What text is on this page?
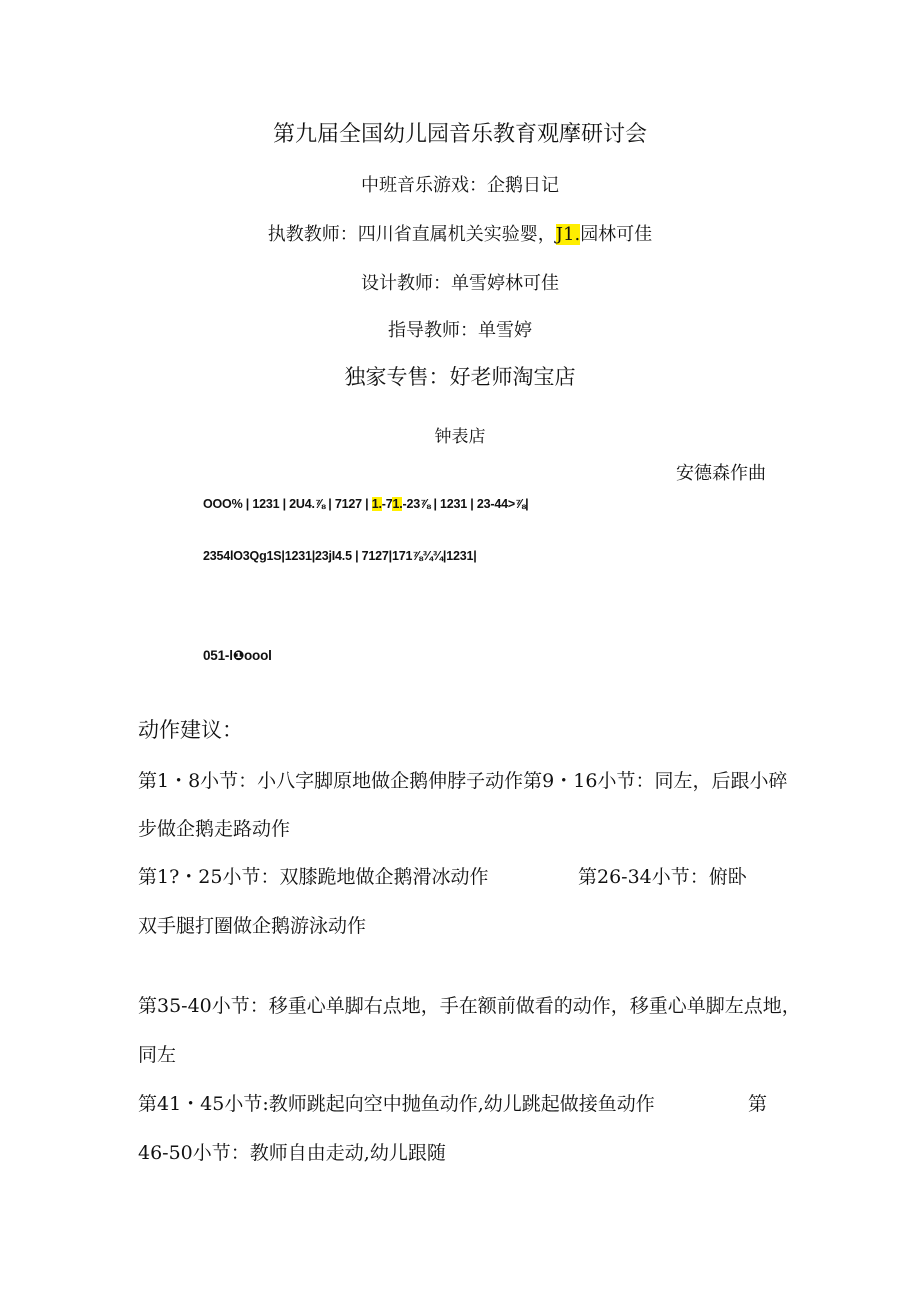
第九届全国幼儿园音乐教育观摩研讨会

中班音乐游戏：企鹅日记

执教教师：四川省直属机关实验婴，J1.园林可佳

设计教师：单雪婷林可佳

指导教师：单雪婷

独家专售：好老师淘宝店

钟表店

安德森作曲

OOO% | 1231 | 2U4.⅞ | 7127 | 1.-71.-23⅞ | 1231 | 23-44>⅞|
2354lO3Qg1S|1231|23jI4.5 | 7127|171⅞¾¾|1231|
051-l❶oool
动作建议：
第1・8小节：小八字脚原地做企鹅伸脖子动作第9・16小节：同左，后跟小碎
步做企鹅走路动作
第1?・25小节：双膝跪地做企鹅滑冰动作	第26-34小节：俯卧
双手腿打圈做企鹅游泳动作
第35-40小节：移重心单脚右点地，手在额前做看的动作，移重心单脚左点地，
同左
第41・45小节:教师跳起向空中抛鱼动作,幼儿跳起做接鱼动作	第
46-50小节：教师自由走动,幼儿跟随
